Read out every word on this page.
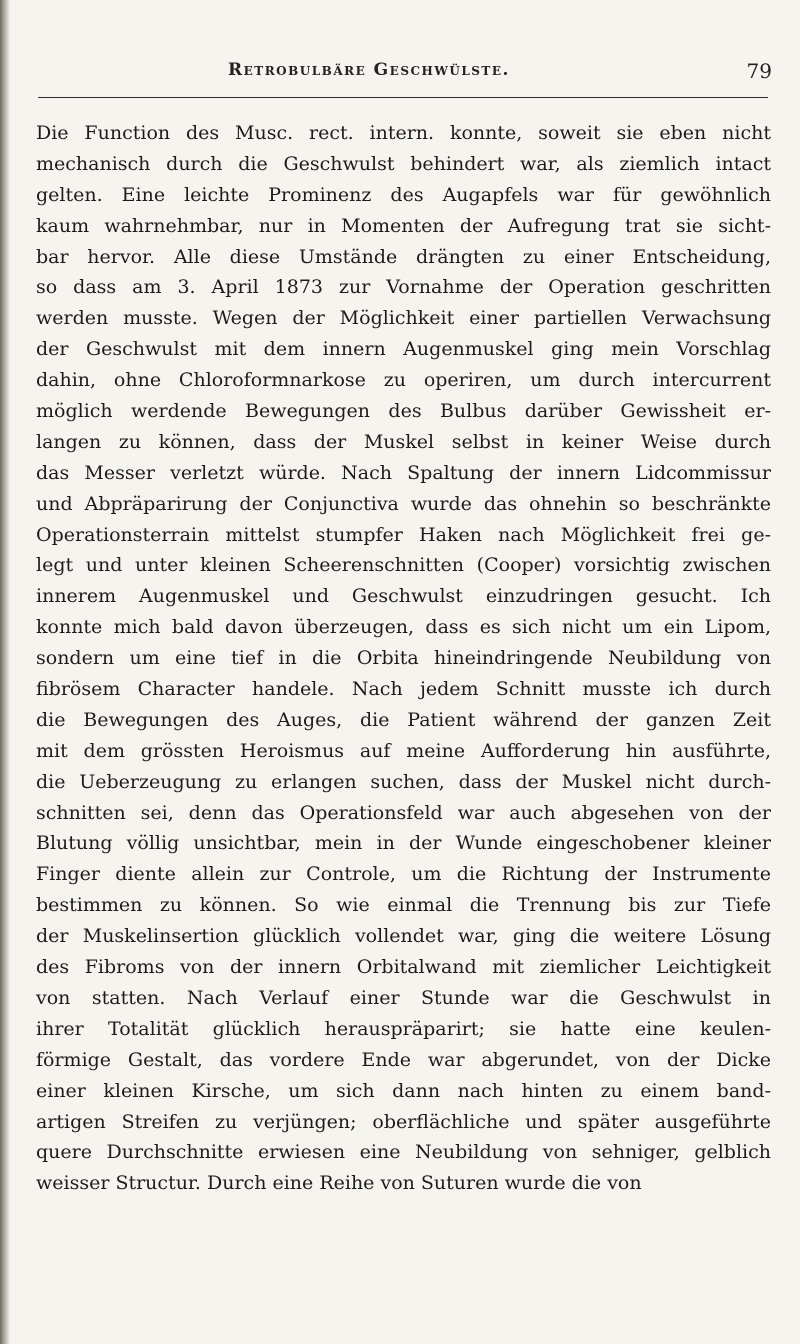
Retrobulbäre Geschwülste.	79
Die Function des Musc. rect. intern. konnte, soweit sie eben nicht
mechanisch durch die Geschwulst behindert war, als ziemlich intact
gelten. Eine leichte Prominenz des Augapfels war für gewöhnlich
kaum wahrnehmbar, nur in Momenten der Aufregung trat sie sicht-
bar hervor. Alle diese Umstände drängten zu einer Entscheidung,
so dass am 3. April 1873 zur Vornahme der Operation geschritten
werden musste. Wegen der Möglichkeit einer partiellen Verwachsung
der Geschwulst mit dem innern Augenmuskel ging mein Vorschlag
dahin, ohne Chloroformnarkose zu operiren, um durch intercurrent
möglich werdende Bewegungen des Bulbus darüber Gewissheit er-
langen zu können, dass der Muskel selbst in keiner Weise durch
das Messer verletzt würde. Nach Spaltung der innern Lidcommissur
und Abpräparirung der Conjunctiva wurde das ohnehin so beschränkte
Operationsterrain mittelst stumpfer Haken nach Möglichkeit frei ge-
legt und unter kleinen Scheerenschnitten (Cooper) vorsichtig zwischen
innerem Augenmuskel und Geschwulst einzudringen gesucht. Ich
konnte mich bald davon überzeugen, dass es sich nicht um ein Lipom,
sondern um eine tief in die Orbita hineindringende Neubildung von
fibrösem Character handele. Nach jedem Schnitt musste ich durch
die Bewegungen des Auges, die Patient während der ganzen Zeit
mit dem grössten Heroismus auf meine Aufforderung hin ausführte,
die Ueberzeugung zu erlangen suchen, dass der Muskel nicht durch-
schnitten sei, denn das Operationsfeld war auch abgesehen von der
Blutung völlig unsichtbar, mein in der Wunde eingeschobener kleiner
Finger diente allein zur Controle, um die Richtung der Instrumente
bestimmen zu können. So wie einmal die Trennung bis zur Tiefe
der Muskelinsertion glücklich vollendet war, ging die weitere Lösung
des Fibroms von der innern Orbitalwand mit ziemlicher Leichtigkeit
von statten. Nach Verlauf einer Stunde war die Geschwulst in
ihrer Totalität glücklich herauspräparirt; sie hatte eine keulen-
förmige Gestalt, das vordere Ende war abgerundet, von der Dicke
einer kleinen Kirsche, um sich dann nach hinten zu einem band-
artigen Streifen zu verjüngen; oberflächliche und später ausgeführte
quere Durchschnitte erwiesen eine Neubildung von sehniger, gelblich
weisser Structur. Durch eine Reihe von Suturen wurde die von
